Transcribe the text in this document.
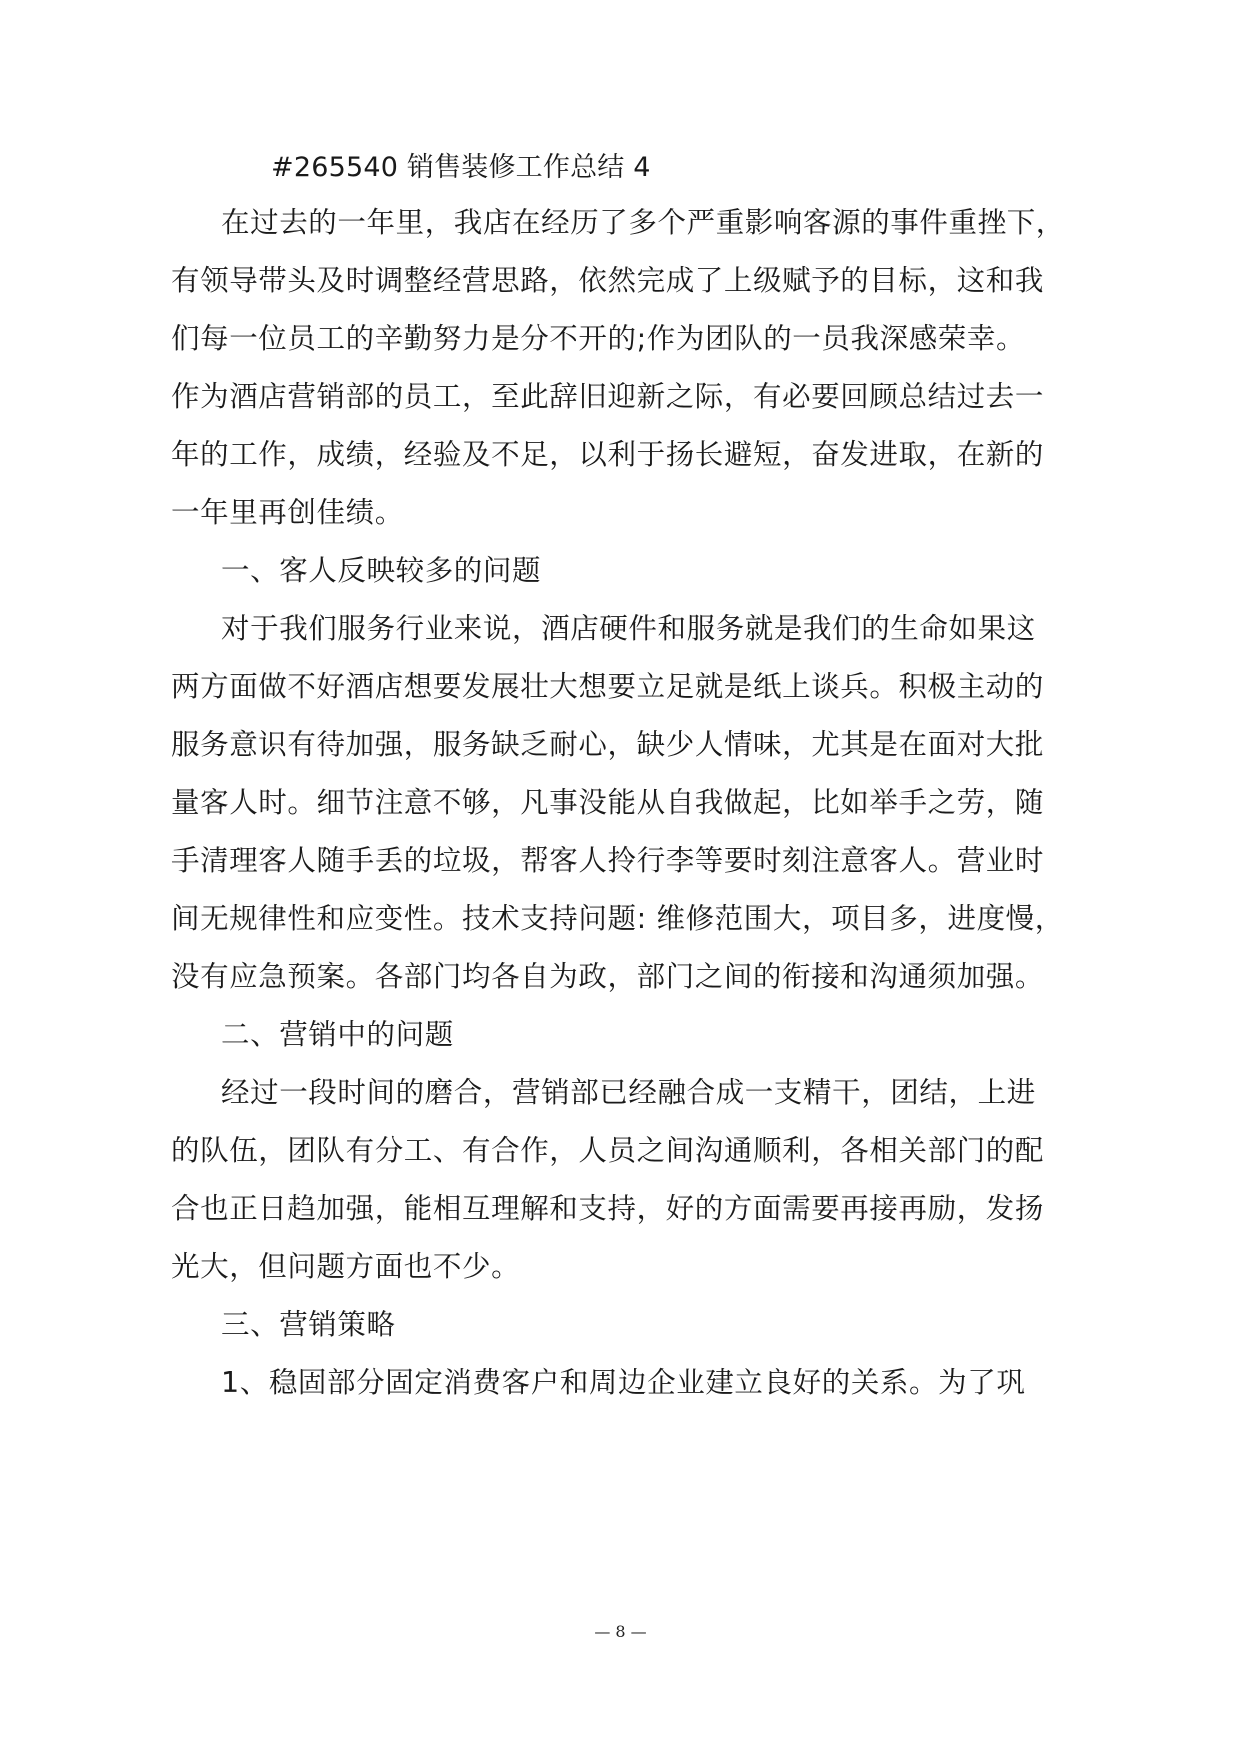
#265540 销售装修工作总结 4
在过去的一年里，我店在经历了多个严重影响客源的事件重挫下，
有领导带头及时调整经营思路，依然完成了上级赋予的目标，这和我
们每一位员工的辛勤努力是分不开的;作为团队的一员我深感荣幸。
作为酒店营销部的员工，至此辞旧迎新之际，有必要回顾总结过去一
年的工作，成绩，经验及不足，以利于扬长避短，奋发进取，在新的
一年里再创佳绩。
一、客人反映较多的问题
对于我们服务行业来说，酒店硬件和服务就是我们的生命如果这
两方面做不好酒店想要发展壮大想要立足就是纸上谈兵。积极主动的
服务意识有待加强，服务缺乏耐心，缺少人情味，尤其是在面对大批
量客人时。细节注意不够，凡事没能从自我做起，比如举手之劳，随
手清理客人随手丢的垃圾，帮客人拎行李等要时刻注意客人。营业时
间无规律性和应变性。技术支持问题: 维修范围大，项目多，进度慢，
没有应急预案。各部门均各自为政，部门之间的衔接和沟通须加强。
二、营销中的问题
经过一段时间的磨合，营销部已经融合成一支精干，团结，上进
的队伍，团队有分工、有合作，人员之间沟通顺利，各相关部门的配
合也正日趋加强，能相互理解和支持，好的方面需要再接再励，发扬
光大，但问题方面也不少。
三、营销策略
1、稳固部分固定消费客户和周边企业建立良好的关系。为了巩
— 8 —
